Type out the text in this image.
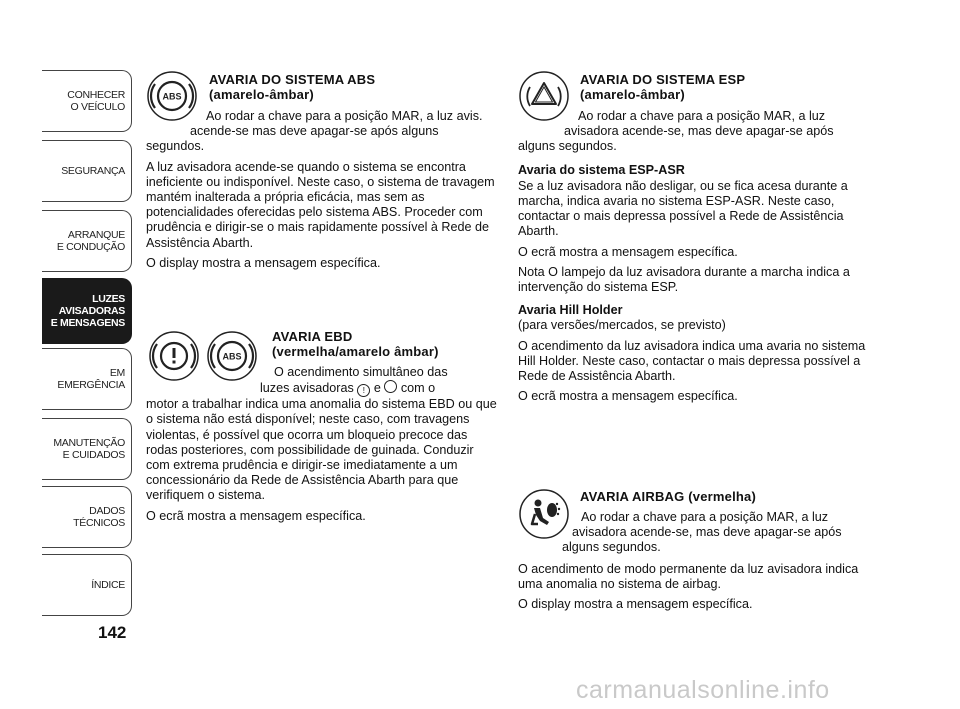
CONHECER
O VEÍCULO
SEGURANÇA
ARRANQUE
E CONDUÇÃO
LUZES
AVISADORAS
E MENSAGENS
EM EMERGÊNCIA
MANUTENÇÃO
E CUIDADOS
DADOS
TÉCNICOS
ÍNDICE
142
ABS
AVARIA DO SISTEMA ABS
(amarelo-âmbar)
Ao rodar a chave para a posição MAR, a luz avis.
acende-se mas deve apagar-se após alguns
segundos.

A luz avisadora acende-se quando o sistema se encontra ineficiente ou indisponível. Neste caso, o sistema de travagem mantém inalterada a própria eficácia, mas sem as potencialidades oferecidas pelo sistema ABS. Proceder com prudência e dirigir-se o mais rapidamente possível à Rede de Assistência Abarth.

O display mostra a mensagem específica.

ABS
AVARIA EBD
(vermelha/amarelo âmbar)
O acendimento simultâneo das
luzes avisadoras ! e com o

motor a trabalhar indica uma anomalia do sistema EBD ou que o sistema não está disponível; neste caso, com travagens violentas, é possível que ocorra um bloqueio precoce das rodas posteriores, com possibilidade de guinada. Conduzir com extrema prudência e dirigir-se imediatamente a um concessionário da Rede de Assistência Abarth para que verifiquem o sistema.

O ecrã mostra a mensagem específica.

AVARIA DO SISTEMA ESP
(amarelo-âmbar)
Ao rodar a chave para a posição MAR, a luz
avisadora acende-se, mas deve apagar-se após
alguns segundos.
Avaria do sistema ESP-ASR

Se a luz avisadora não desligar, ou se fica acesa durante a marcha, indica avaria no sistema ESP-ASR. Neste caso, contactar o mais depressa possível a Rede de Assistência Abarth.

O ecrã mostra a mensagem específica.

Nota O lampejo da luz avisadora durante a marcha indica a intervenção do sistema ESP.

Avaria Hill Holder

(para versões/mercados, se previsto)

O acendimento da luz avisadora indica uma avaria no sistema Hill Holder. Neste caso, contactar o mais depressa possível a Rede de Assistência Abarth.

O ecrã mostra a mensagem específica.

AVARIA AIRBAG (vermelha)
Ao rodar a chave para a posição MAR, a luz
avisadora acende-se, mas deve apagar-se após
alguns segundos.

O acendimento de modo permanente da luz avisadora indica uma anomalia no sistema de airbag.

O display mostra a mensagem específica.

carmanualsonline.info
